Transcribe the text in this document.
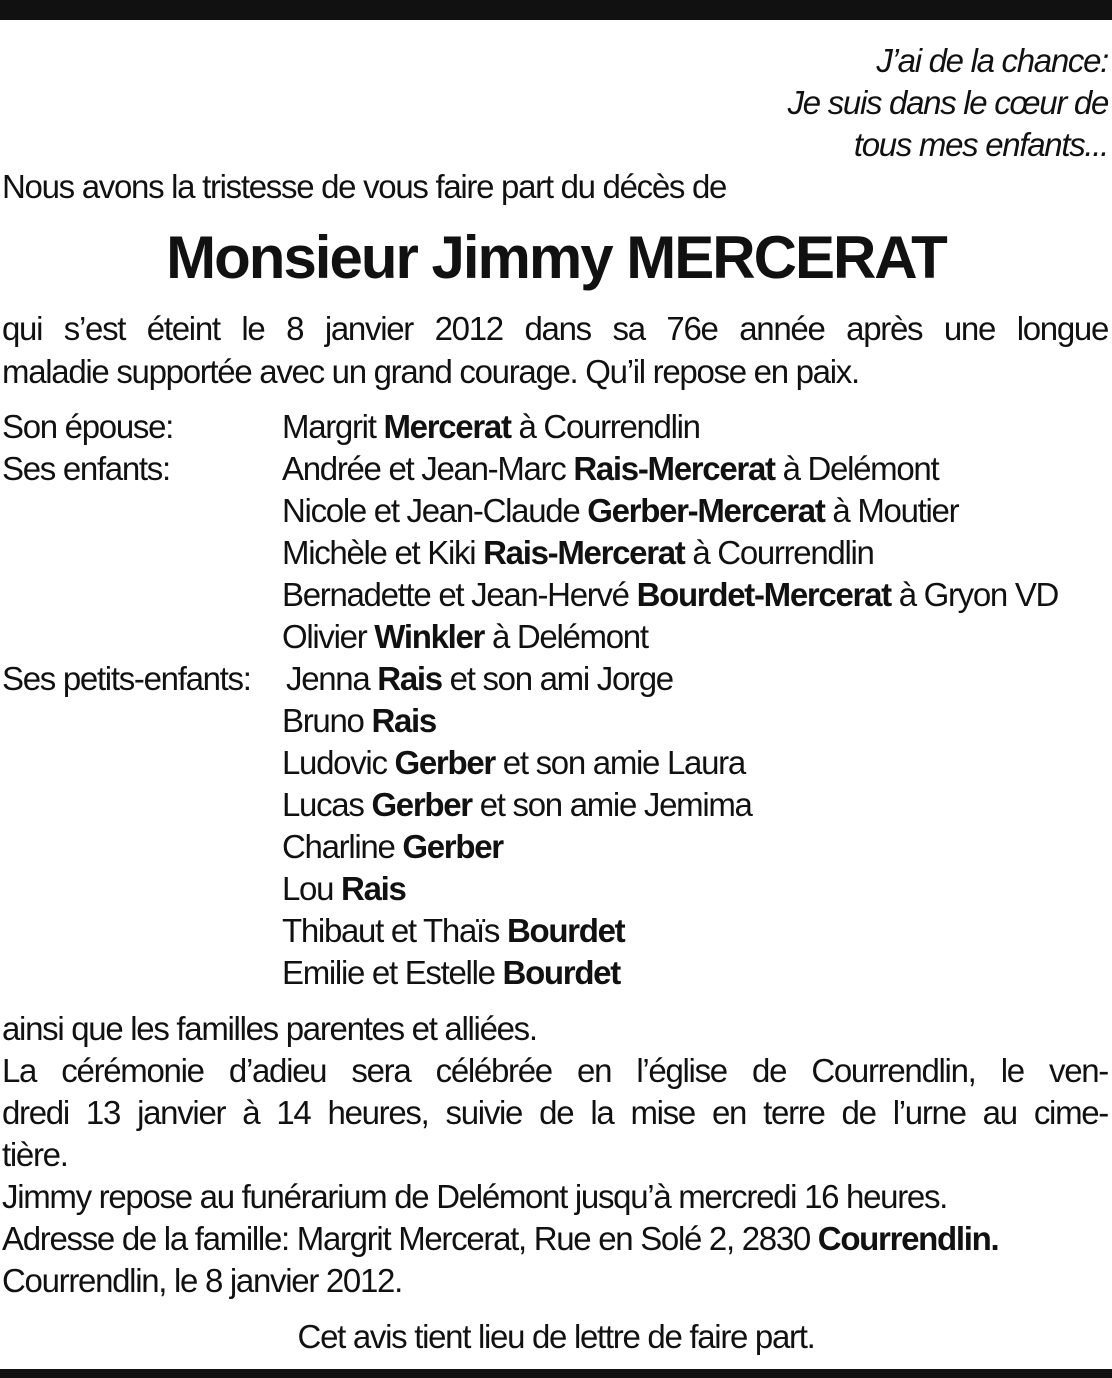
J’ai de la chance:
Je suis dans le cœur de
tous mes enfants...
Nous avons la tristesse de vous faire part du décès de
Monsieur Jimmy MERCERAT
qui s’est éteint le 8 janvier 2012 dans sa 76e année après une longue
maladie supportée avec un grand courage. Qu’il repose en paix.
Son épouse:	Margrit Mercerat à Courrendlin
Ses enfants:	Andrée et Jean-Marc Rais-Mercerat à Delémont
Nicole et Jean-Claude Gerber-Mercerat à Moutier
Michèle et Kiki Rais-Mercerat à Courrendlin
Bernadette et Jean-Hervé Bourdet-Mercerat à Gryon VD
Olivier Winkler à Delémont
Ses petits-enfants: Jenna Rais et son ami Jorge
Bruno Rais
Ludovic Gerber et son amie Laura
Lucas Gerber et son amie Jemima
Charline Gerber
Lou Rais
Thibaut et Thaïs Bourdet
Emilie et Estelle Bourdet
ainsi que les familles parentes et alliées.
La cérémonie d’adieu sera célébrée en l’église de Courrendlin, le ven-
dredi 13 janvier à 14 heures, suivie de la mise en terre de l’urne au cime-
tière.
Jimmy repose au funérarium de Delémont jusqu’à mercredi 16 heures.
Adresse de la famille: Margrit Mercerat, Rue en Solé 2, 2830 Courrendlin.
Courrendlin, le 8 janvier 2012.
Cet avis tient lieu de lettre de faire part.
